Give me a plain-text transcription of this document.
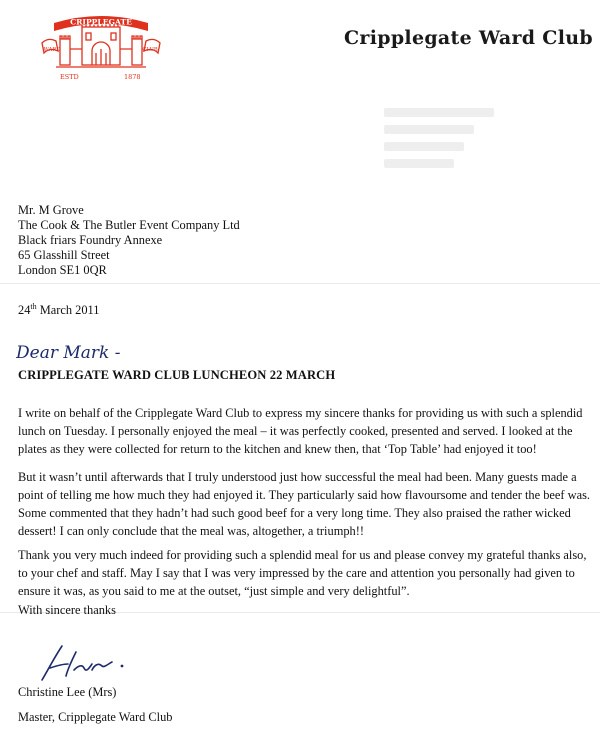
CRIPPLEGATE
WARD	CLUB
ESTD	1878
Cripplegate Ward Club
Mr. M Grove
The Cook & The Butler Event Company Ltd
Black friars Foundry Annexe
65 Glasshill Street
London SE1 0QR
24th March 2011
Dear Mark -
CRIPPLEGATE WARD CLUB LUNCHEON 22 MARCH

I write on behalf of the Cripplegate Ward Club to express my sincere thanks for providing us with such a splendid lunch on Tuesday. I personally enjoyed the meal – it was perfectly cooked, presented and served. I looked at the plates as they were collected for return to the kitchen and knew then, that ‘Top Table’ had enjoyed it too!

But it wasn’t until afterwards that I truly understood just how successful the meal had been. Many guests made a point of telling me how much they had enjoyed it. They particularly said how flavoursome and tender the beef was. Some commented that they hadn’t had such good beef for a very long time. They also praised the rather wicked dessert! I can only conclude that the meal was, altogether, a triumph!!

Thank you very much indeed for providing such a splendid meal for us and please convey my grateful thanks also, to your chef and staff. May I say that I was very impressed by the care and attention you personally had given to ensure it was, as you said to me at the outset, “just simple and very delightful”.

With sincere thanks
Christine Lee (Mrs)
Master, Cripplegate Ward Club
